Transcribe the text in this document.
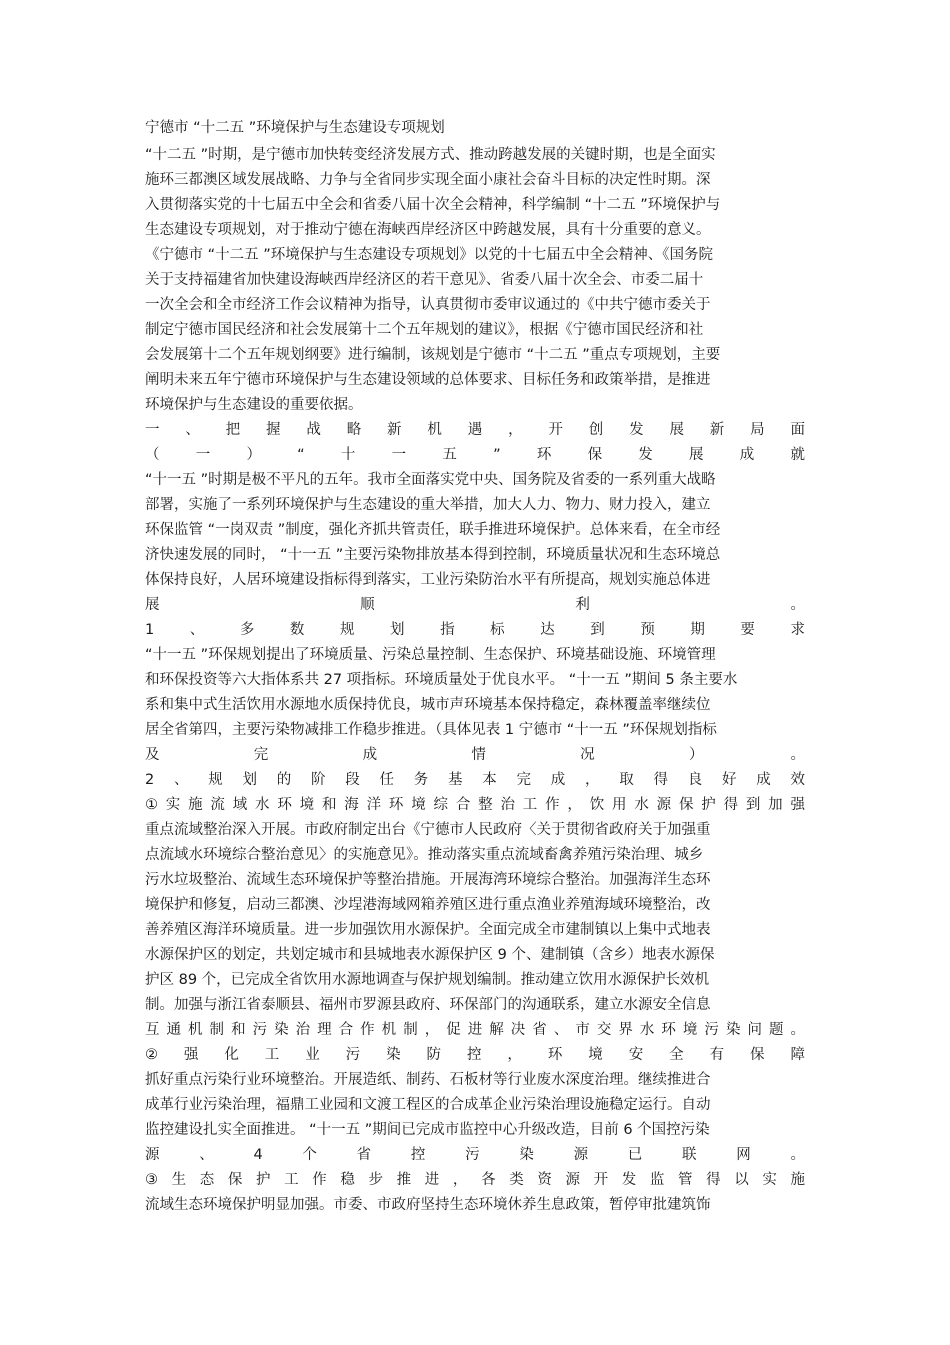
宁德市 “十二五 ”环境保护与生态建设专项规划
“十二五 ”时期，是宁德市加快转变经济发展方式、推动跨越发展的关键时期，也是全面实
施环三都澳区域发展战略、力争与全省同步实现全面小康社会奋斗目标的决定性时期。深
入贯彻落实党的十七届五中全会和省委八届十次全会精神，科学编制 “十二五 ”环境保护与
生态建设专项规划，对于推动宁德在海峡西岸经济区中跨越发展，具有十分重要的意义。
《宁德市 “十二五 ”环境保护与生态建设专项规划》以党的十七届五中全会精神、《国务院
关于支持福建省加快建设海峡西岸经济区的若干意见》、省委八届十次全会、市委二届十
一次全会和全市经济工作会议精神为指导，认真贯彻市委审议通过的《中共宁德市委关于
制定宁德市国民经济和社会发展第十二个五年规划的建议》，根据《宁德市国民经济和社
会发展第十二个五年规划纲要》进行编制，该规划是宁德市 “十二五 ”重点专项规划，主要
阐明未来五年宁德市环境保护与生态建设领域的总体要求、目标任务和政策举措，是推进
环境保护与生态建设的重要依据。
一、把握战略新机遇，开创发展新局面
（一）“十一五”环保发展成就
“十一五 ”时期是极不平凡的五年。我市全面落实党中央、国务院及省委的一系列重大战略
部署，实施了一系列环境保护与生态建设的重大举措，加大人力、物力、财力投入，建立
环保监管 “一岗双责 ”制度，强化齐抓共管责任，联手推进环境保护。总体来看，在全市经
济快速发展的同时， “十一五 ”主要污染物排放基本得到控制，环境质量状况和生态环境总
体保持良好，人居环境建设指标得到落实，工业污染防治水平有所提高，规划实施总体进
展顺利。
1、多数规划指标达到预期要求
“十一五 ”环保规划提出了环境质量、污染总量控制、生态保护、环境基础设施、环境管理
和环保投资等六大指体系共 27 项指标。环境质量处于优良水平。 “十一五 ”期间 5 条主要水
系和集中式生活饮用水源地水质保持优良，城市声环境基本保持稳定，森林覆盖率继续位
居全省第四，主要污染物减排工作稳步推进。（具体见表 1 宁德市 “十一五 ”环保规划指标
及完成情况）。
2、规划的阶段任务基本完成，取得良好成效
①实施流域水环境和海洋环境综合整治工作，饮用水源保护得到加强
重点流域整治深入开展。市政府制定出台《宁德市人民政府〈关于贯彻省政府关于加强重
点流域水环境综合整治意见〉的实施意见》。推动落实重点流域畜禽养殖污染治理、城乡
污水垃圾整治、流域生态环境保护等整治措施。开展海湾环境综合整治。加强海洋生态环
境保护和修复，启动三都澳、沙埕港海域网箱养殖区进行重点渔业养殖海域环境整治，改
善养殖区海洋环境质量。进一步加强饮用水源保护。全面完成全市建制镇以上集中式地表
水源保护区的划定，共划定城市和县城地表水源保护区 9 个、建制镇（含乡）地表水源保
护区 89 个，已完成全省饮用水源地调查与保护规划编制。推动建立饮用水源保护长效机
制。加强与浙江省泰顺县、福州市罗源县政府、环保部门的沟通联系，建立水源安全信息
互通机制和污染治理合作机制，促进解决省、市交界水环境污染问题。
②强化工业污染防控，环境安全有保障
抓好重点污染行业环境整治。开展造纸、制药、石板材等行业废水深度治理。继续推进合
成革行业污染治理，福鼎工业园和文渡工程区的合成革企业污染治理设施稳定运行。自动
监控建设扎实全面推进。 “十一五 ”期间已完成市监控中心升级改造，目前 6 个国控污染
源、4个省控污染源已联网。
③生态保护工作稳步推进，各类资源开发监管得以实施
流域生态环境保护明显加强。市委、市政府坚持生态环境休养生息政策，暂停审批建筑饰
